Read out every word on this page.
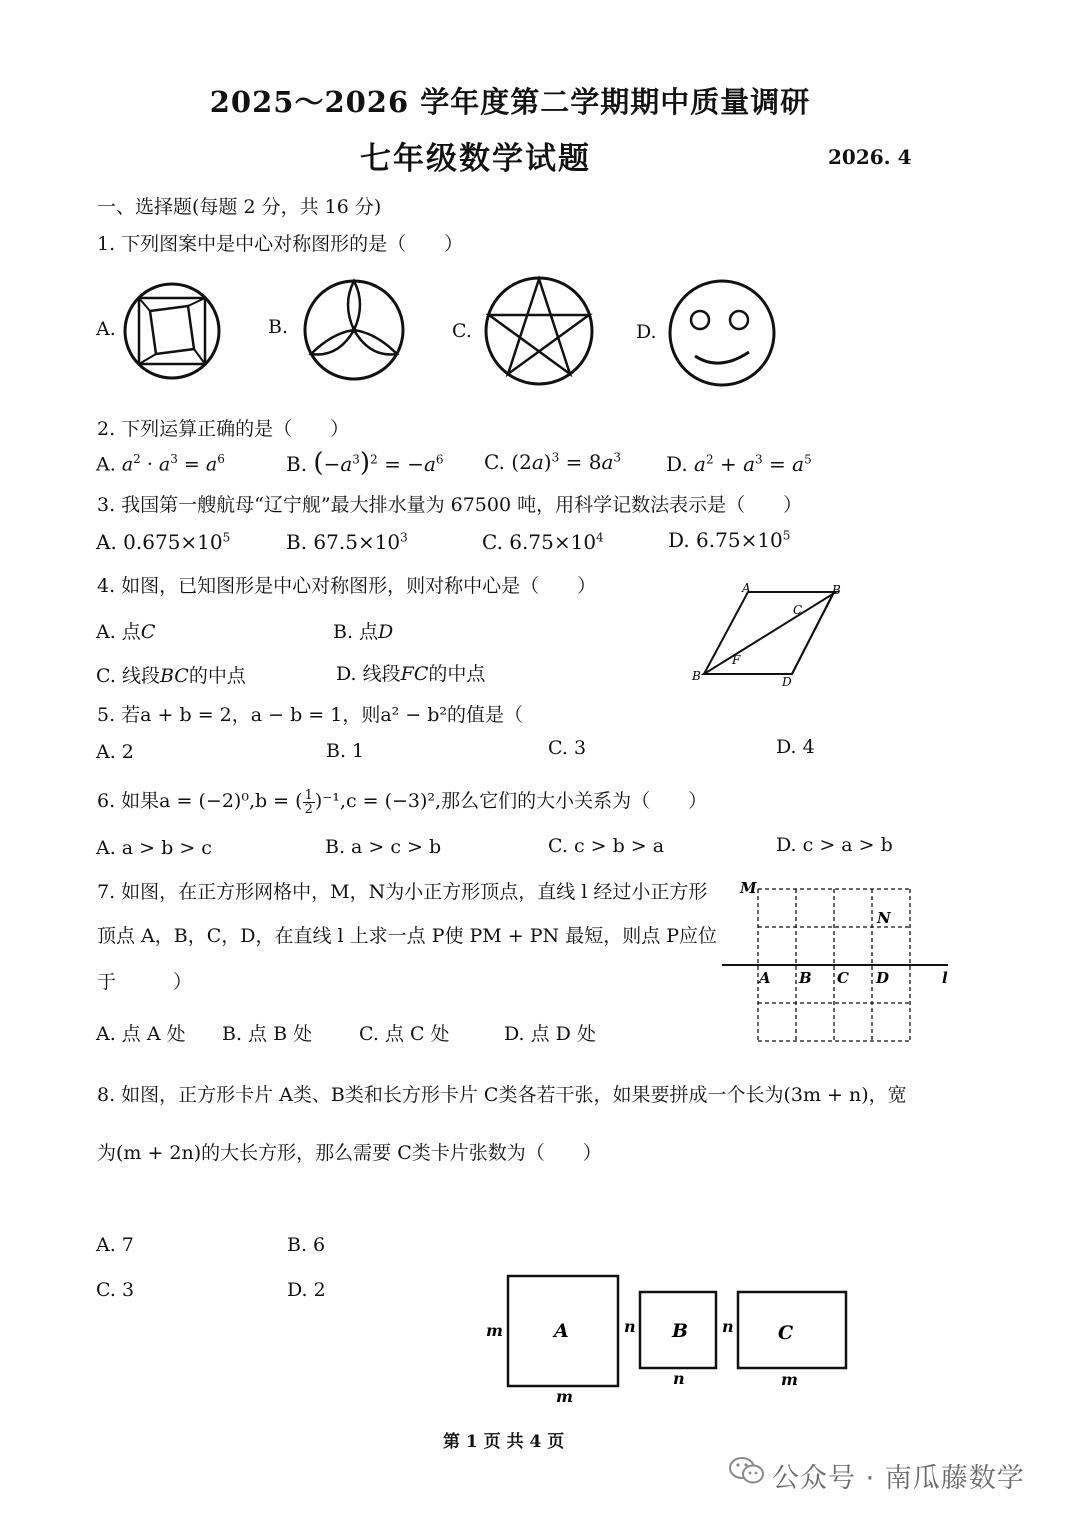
2025～2026 学年度第二学期期中质量调研
七年级数学试题	2026. 4
一、选择题(每题 2 分，共 16 分)
1. 下列图案中是中心对称图形的是（　　）
A.	B.	C.	D.
2. 下列运算正确的是（　　）
A. $a^2 \cdot a^3 = a^6$	B. $(-a^3)^2 = -a^6$ C. $(2a)^3 = 8a^3$ D. $a^2 + a^3 = a^5$
3. 我国第一艘航母“辽宁舰”最大排水量为 67500 吨，用科学记数法表示是（　　）
A. $0.675\times 10^5$	B. $67.5\times 10^3$	C. $6.75\times 10^4$	D. $6.75\times 10^5$
4. 如图，已知图形是中心对称图形，则对称中心是（　　）
A. 点C	B. 点D
C. 线段BC的中点	D. 线段FC的中点
A	B
C
B
F
D
5. 若a + b = 2，a − b = 1，则a² − b²的值是（
A. 2	B. 1	C. 3	D. 4
6. 如果a = (−2)⁰,b = ( $\frac{1}{2} )^{-1},c = (-3)^2$,那么它们的大小关系为（　　）
A. a > b > c	B. a > c > b	C. c > b > a	D. c > a > b
7. 如图，在正方形网格中，M，N为小正方形顶点，直线 l 经过小正方形
顶点 A，B，C，D，在直线 l 上求一点 P使 PM + PN 最短，则点 P应位
于　　　）
A. 点 A 处 B. 点 B 处 C. 点 C 处	D. 点 D 处
M
N
A B C D	l
8. 如图，正方形卡片 A类、B类和长方形卡片 C类各若干张，如果要拼成一个长为(3m + n)，宽
为(m + 2n)的大长方形，那么需要 C类卡片张数为（　　）
A. 7	B. 6
C. 3	D. 2
A	B	C
m
m
n
n
n
m
第 1 页 共 4 页
公众号 · 南瓜藤数学
